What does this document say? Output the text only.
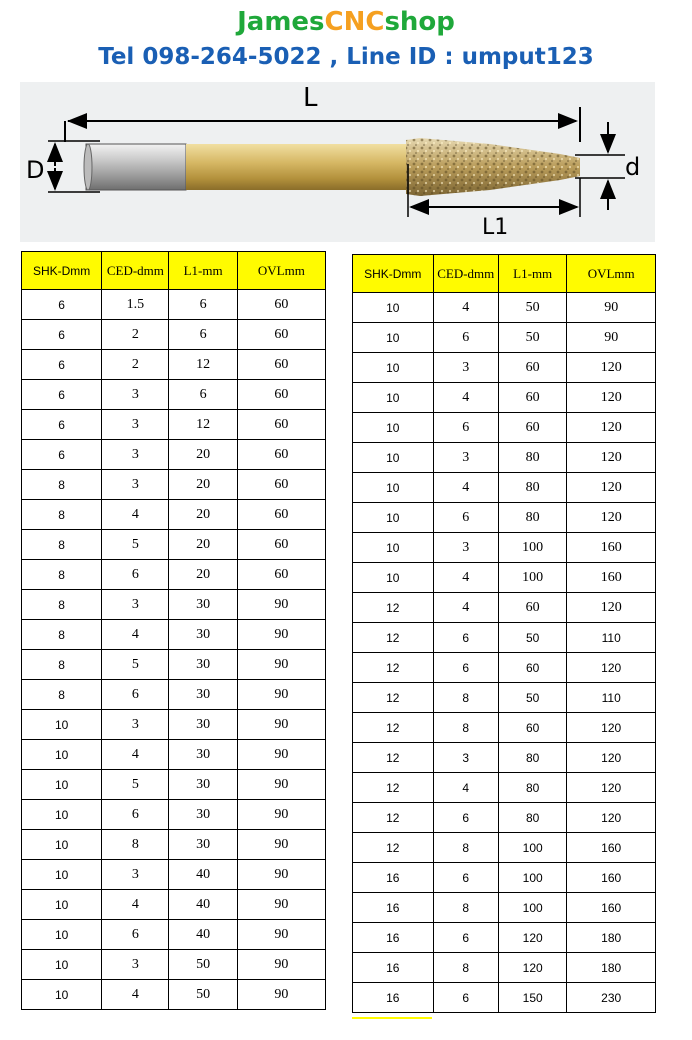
JamesCNCshop
Tel 098-264-5022 , Line ID : umput123
L
D
L1
d
SHK-Dmm	CED-dmm	L1-mm	OVLmm
6	1.5	6	60
6	2	6	60
6	2	12	60
6	3	6	60
6	3	12	60
6	3	20	60
8	3	20	60
8	4	20	60
8	5	20	60
8	6	20	60
8	3	30	90
8	4	30	90
8	5	30	90
8	6	30	90
10	3	30	90
10	4	30	90
10	5	30	90
10	6	30	90
10	8	30	90
10	3	40	90
10	4	40	90
10	6	40	90
10	3	50	90
10	4	50	90
SHK-Dmm	CED-dmm	L1-mm	OVLmm
10	4	50	90
10	6	50	90
10	3	60	120
10	4	60	120
10	6	60	120
10	3	80	120
10	4	80	120
10	6	80	120
10	3	100	160
10	4	100	160
12	4	60	120
12	6	50	110
12	6	60	120
12	8	50	110
12	8	60	120
12	3	80	120
12	4	80	120
12	6	80	120
12	8	100	160
16	6	100	160
16	8	100	160
16	6	120	180
16	8	120	180
16	6	150	230
